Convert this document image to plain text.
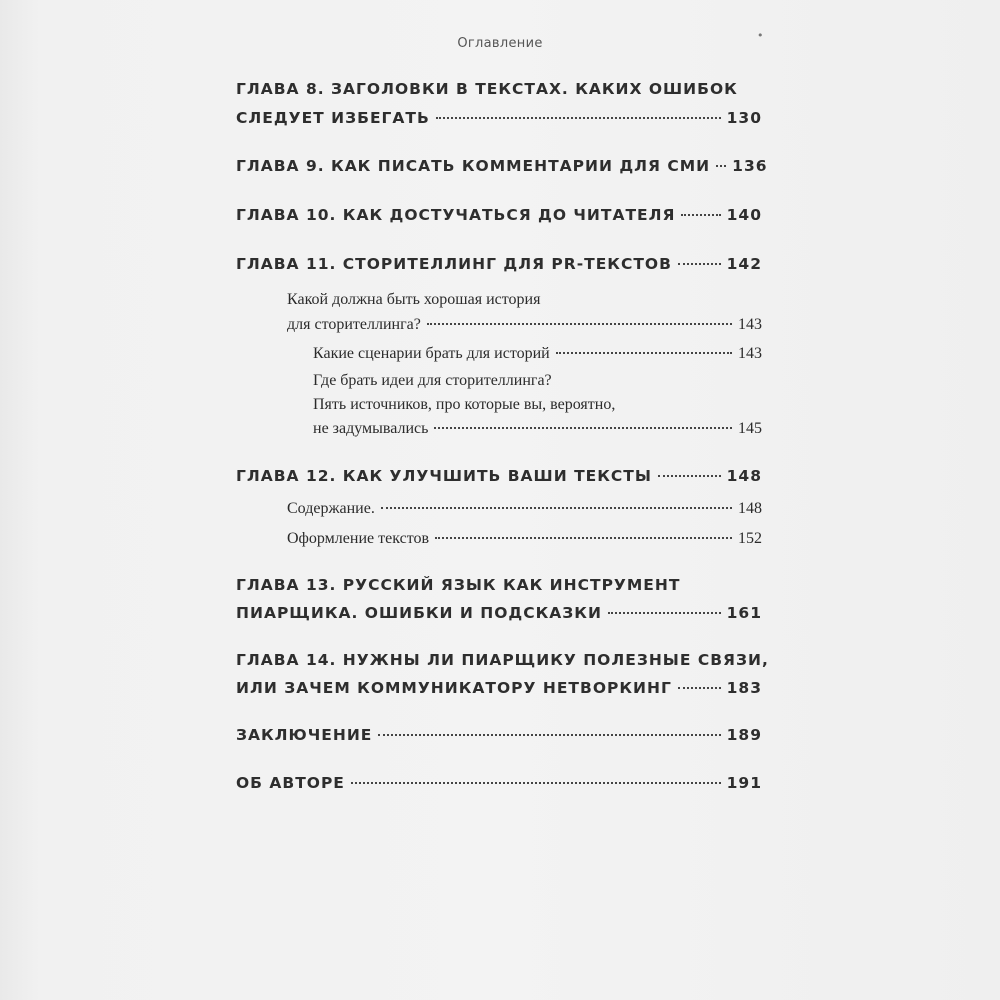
Оглавление
•
ГЛАВА 8. ЗАГОЛОВКИ В ТЕКСТАХ. КАКИХ ОШИБОК
СЛЕДУЕТ ИЗБЕГАТЬ	130
ГЛАВА 9. КАК ПИСАТЬ КОММЕНТАРИИ ДЛЯ СМИ 136
ГЛАВА 10. КАК ДОСТУЧАТЬСЯ ДО ЧИТАТЕЛЯ	140
ГЛАВА 11. СТОРИТЕЛЛИНГ ДЛЯ PR-ТЕКСТОВ	142
Какой должна быть хорошая история
для сторителлинга?	143
Какие сценарии брать для историй	143
Где брать идеи для сторителлинга?
Пять источников, про которые вы, вероятно,
не задумывались	145
ГЛАВА 12. КАК УЛУЧШИТЬ ВАШИ ТЕКСТЫ	148
Содержание.	148
Оформление текстов	152
ГЛАВА 13. РУССКИЙ ЯЗЫК КАК ИНСТРУМЕНТ
ПИАРЩИКА. ОШИБКИ И ПОДСКАЗКИ	161
ГЛАВА 14. НУЖНЫ ЛИ ПИАРЩИКУ ПОЛЕЗНЫЕ СВЯЗИ,
ИЛИ ЗАЧЕМ КОММУНИКАТОРУ НЕТВОРКИНГ	183
ЗАКЛЮЧЕНИЕ	189
ОБ АВТОРЕ	191
